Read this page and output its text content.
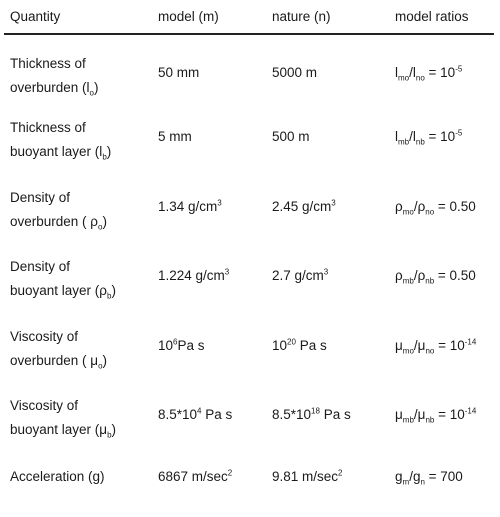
Quantity	model (m)	nature (n)	model ratios
Thickness of
overburden $(l_o)$
50 mm	5000 m	$l_{mo}/l_{no} = 10^{-5}$
Thickness of
buoyant layer $(l_b)$
5 mm	500 m	$l_{mb}/l_{nb} = 10^{-5}$
Density of
overburden ( $\rho_o$)
1.34 $g/cm^3$	2.45 $g/cm^3$	$\rho_{mo}/\rho_{no} = 0.50$
Density of
buoyant layer $(\rho_b)$
1.224 $g/cm^3$	2.7 $g/cm^3$	$\rho_{mb}/\rho_{nb} = 0.50$
Viscosity of
overburden ( $\mu_o$)
$10^6Pa$ s	$10^{20}$ Pa s	$\mu_{mo}/\mu_{no} = 10^{-14}$
Viscosity of
buoyant layer $(\mu_b)$
$8.5*10^4$ Pa s	$8.5*10^{18}$ Pa s	$\mu_{mb}/\mu_{nb} = 10^{-14}$
Acceleration (g)	6867 $m/\sec^2$	9.81 $m/\sec^2$	$g_m/g_n = 700$
